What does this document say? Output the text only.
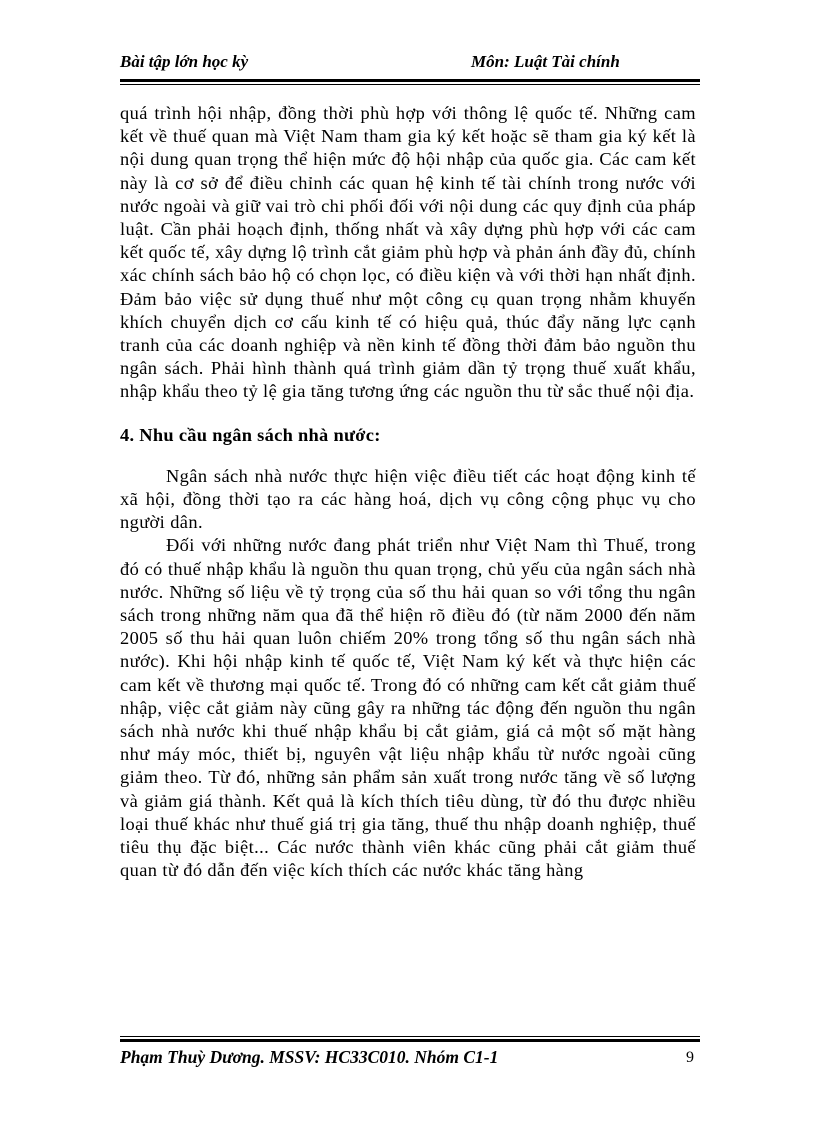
Bài tập lớn học kỳ	Môn: Luật Tài chính

quá trình hội nhập, đồng thời phù hợp với thông lệ quốc tế. Những cam kết về thuế quan mà Việt Nam tham gia ký kết hoặc sẽ tham gia ký kết là nội dung quan trọng thể hiện mức độ hội nhập của quốc gia. Các cam kết này là cơ sở để điều chỉnh các quan hệ kinh tế tài chính trong nước với nước ngoài và giữ vai trò chi phối đối với nội dung các quy định của pháp luật. Cần phải hoạch định, thống nhất và xây dựng phù hợp với các cam kết quốc tế, xây dựng lộ trình cắt giảm phù hợp và phản ánh đầy đủ, chính xác chính sách bảo hộ có chọn lọc, có điều kiện và với thời hạn nhất định. Đảm bảo việc sử dụng thuế như một công cụ quan trọng nhằm khuyến khích chuyển dịch cơ cấu kinh tế có hiệu quả, thúc đẩy năng lực cạnh tranh của các doanh nghiệp và nền kinh tế đồng thời đảm bảo nguồn thu ngân sách. Phải hình thành quá trình giảm dần tỷ trọng thuế xuất khẩu, nhập khẩu theo tỷ lệ gia tăng tương ứng các nguồn thu từ sắc thuế nội địa.

4. Nhu cầu ngân sách nhà nước:

Ngân sách nhà nước thực hiện việc điều tiết các hoạt động kinh tế xã hội, đồng thời tạo ra các hàng hoá, dịch vụ công cộng phục vụ cho người dân.

Đối với những nước đang phát triển như Việt Nam thì Thuế, trong đó có thuế nhập khẩu là nguồn thu quan trọng, chủ yếu của ngân sách nhà nước. Những số liệu về tỷ trọng của số thu hải quan so với tổng thu ngân sách trong những năm qua đã thể hiện rõ điều đó (từ năm 2000 đến năm 2005 số thu hải quan luôn chiếm 20% trong tổng số thu ngân sách nhà nước). Khi hội nhập kinh tế quốc tế, Việt Nam ký kết và thực hiện các cam kết về thương mại quốc tế. Trong đó có những cam kết cắt giảm thuế nhập, việc cắt giảm này cũng gây ra những tác động đến nguồn thu ngân sách nhà nước khi thuế nhập khẩu bị cắt giảm, giá cả một số mặt hàng như máy móc, thiết bị, nguyên vật liệu nhập khẩu từ nước ngoài cũng giảm theo. Từ đó, những sản phẩm sản xuất trong nước tăng về số lượng và giảm giá thành. Kết quả là kích thích tiêu dùng, từ đó thu được nhiều loại thuế khác như thuế giá trị gia tăng, thuế thu nhập doanh nghiệp, thuế tiêu thụ đặc biệt... Các nước thành viên khác cũng phải cắt giảm thuế quan từ đó dẫn đến việc kích thích các nước khác tăng hàng

Phạm Thuỳ Dương. MSSV: HC33C010. Nhóm C1-1	9
